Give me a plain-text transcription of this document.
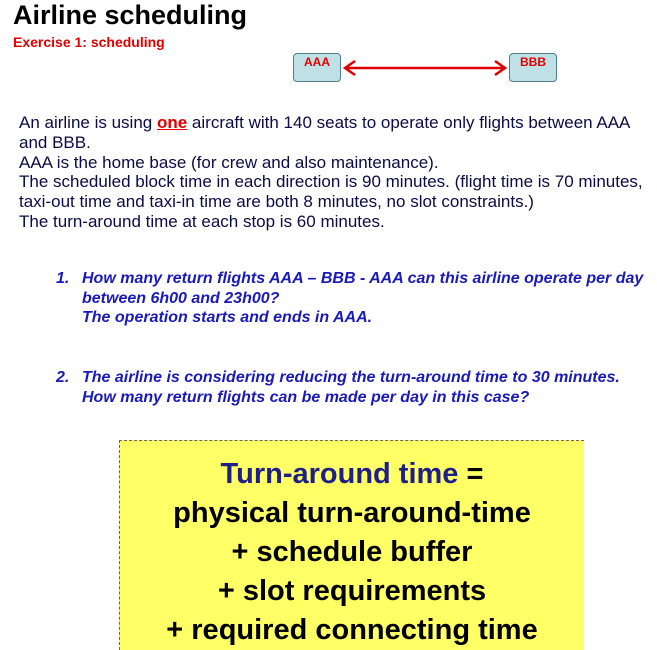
Airline scheduling
Exercise 1: scheduling
AAA	BBB
An airline is using one aircraft with 140 seats to operate only flights between AAA and BBB.
AAA is the home base (for crew and also maintenance).
The scheduled block time in each direction is 90 minutes. (flight time is 70 minutes, taxi-out time and taxi-in time are both 8 minutes, no slot constraints.)
The turn-around time at each stop is 60 minutes.
1. How many return flights AAA – BBB - AAA can this airline operate per day between 6h00 and 23h00?
The operation starts and ends in AAA.
2. The airline is considering reducing the turn-around time to 30 minutes.
How many return flights can be made per day in this case?
Turn-around time =
physical turn-around-time
+ schedule buffer
+ slot requirements
+ required connecting time
